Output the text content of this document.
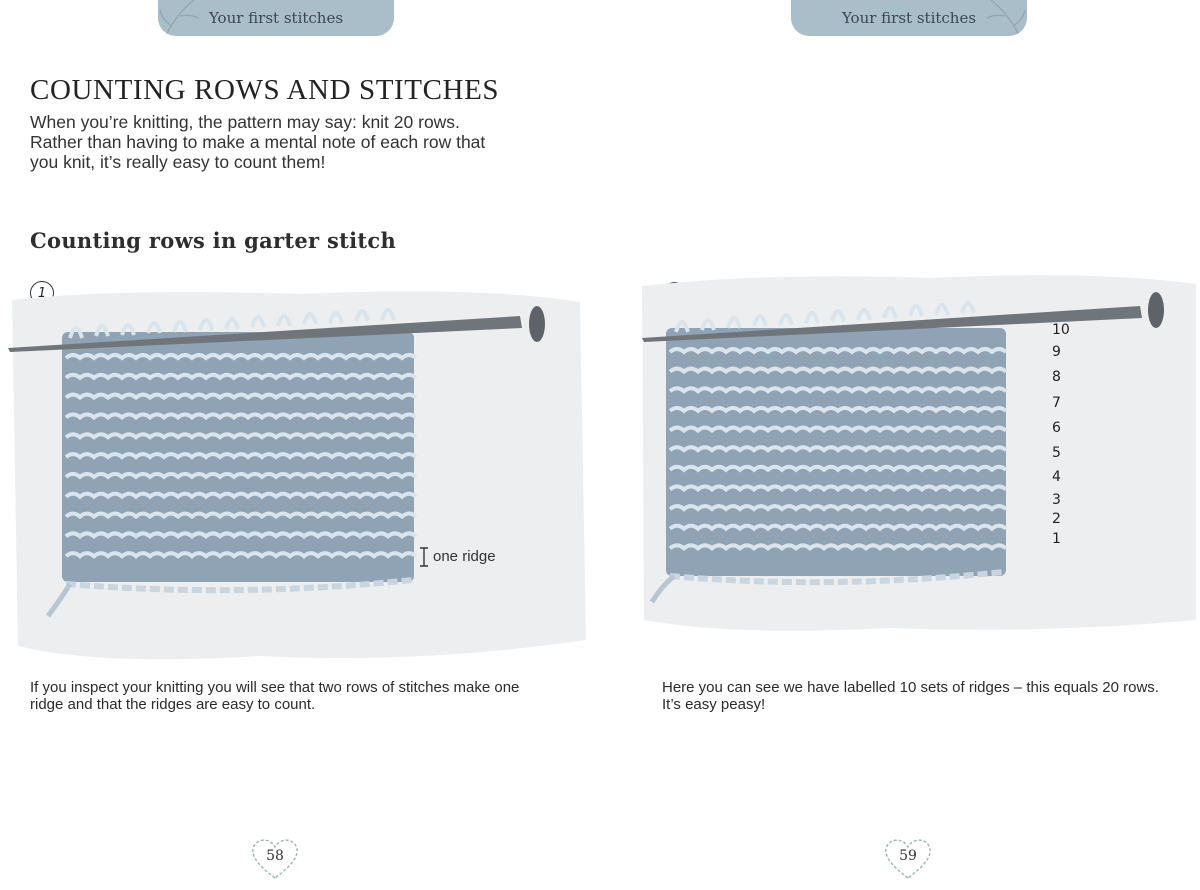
Your first stitches
COUNTING ROWS AND STITCHES

When you’re knitting, the pattern may say: knit 20 rows. Rather than having to make a mental note of each row that you knit, it’s really easy to count them!

Counting rows in garter stitch
1
one ridge

If you inspect your knitting you will see that two rows of stitches make one ridge and that the ridges are easy to count.

58
Your first stitches
10
9
8
7
6
5
4
3
2
1

Here you can see we have labelled 10 sets of ridges – this equals 20 rows. It’s easy peasy!

59
